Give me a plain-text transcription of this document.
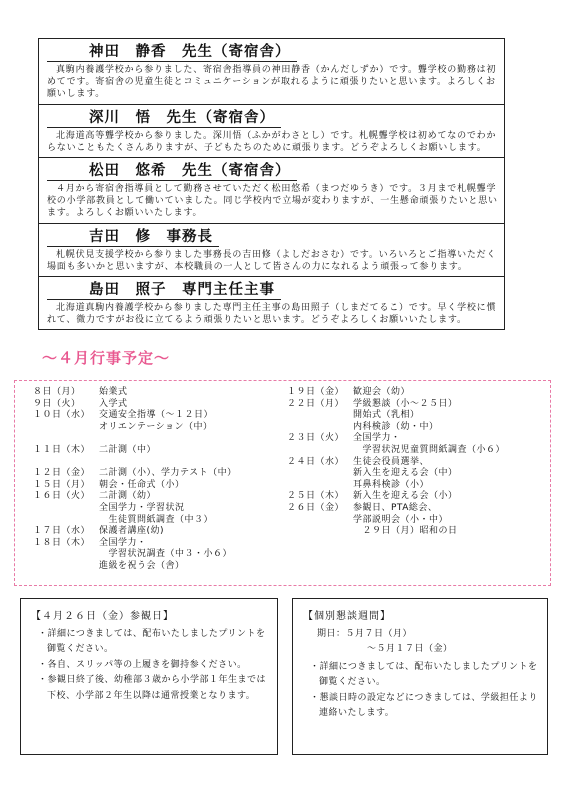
神田　静香　先生（寄宿舎）
真駒内養護学校から参りました、寄宿舎指導員の神田静香（かんだしずか）です。聾学校の勤務は初めてです。寄宿舎の児童生徒とコミュニケーションが取れるように頑張りたいと思います。よろしくお願いします。
深川　悟　先生（寄宿舎）
北海道高等聾学校から参りました。深川悟（ふかがわさとし）です。札幌聾学校は初めてなのでわからないこともたくさんありますが、子どもたちのために頑張ります。どうぞよろしくお願いします。
松田　悠希　先生（寄宿舎）
４月から寄宿舎指導員として勤務させていただく松田悠希（まつだゆうき）です。３月まで札幌聾学校の小学部教員として働いていました。同じ学校内で立場が変わりますが、一生懸命頑張りたいと思います。よろしくお願いいたします。
吉田　修　事務長
札幌伏見支援学校から参りました事務長の吉田修（よしだおさむ）です。いろいろとご指導いただく場面も多いかと思いますが、本校職員の一人として皆さんの力になれるよう頑張って参ります。
島田　照子　専門主任主事
北海道真駒内養護学校から参りました専門主任主事の島田照子（しまだてるこ）です。早く学校に慣れて、微力ですがお役に立てるよう頑張りたいと思います。どうぞよろしくお願いいたします。
～４月行事予定～
８日（月） 始業式
９日（火） 入学式
１０日（水） 交通安全指導（～１２日）
オリエンテーション（中）
１１日（木） 二計測（中）
１２日（金） 二計測（小）、学力テスト（中）
１５日（月） 朝会・任命式（小）
１６日（火） 二計測（幼）
全国学力・学習状況
　生徒質問紙調査（中３）
１７日（水） 保護者講座(幼)
１８日（木） 全国学力・
　学習状況調査（中３・小６）
進級を祝う会（舎）
１９日（金） 歓迎会（幼）
２２日（月） 学級懇談（小～２５日）
開始式（乳相）
内科検診（幼・中）
２３日（火） 全国学力・
　学習状況児童質問紙調査（小６）
２４日（水） 生徒会役員選挙、
新入生を迎える会（中）
耳鼻科検診（小）
２５日（木） 新入生を迎える会（小）
２６日（金） 参観日、PTA総会、
学部説明会（小・中）
　２９日（月）昭和の日
【４月２６日（金）参観日】
・詳細につきましては、配布いたしましたプリントを御覧ください。
・各自、スリッパ等の上履きを御持参ください。
・参観日終了後、幼稚部３歳から小学部１年生までは下校、小学部２年生以降は通常授業となります。
【個別懇談週間】
期日：５月７日（月）
～５月１７日（金）
・詳細につきましては、配布いたしましたプリントを御覧ください。
・懇談日時の設定などにつきましては、学級担任より連絡いたします。
